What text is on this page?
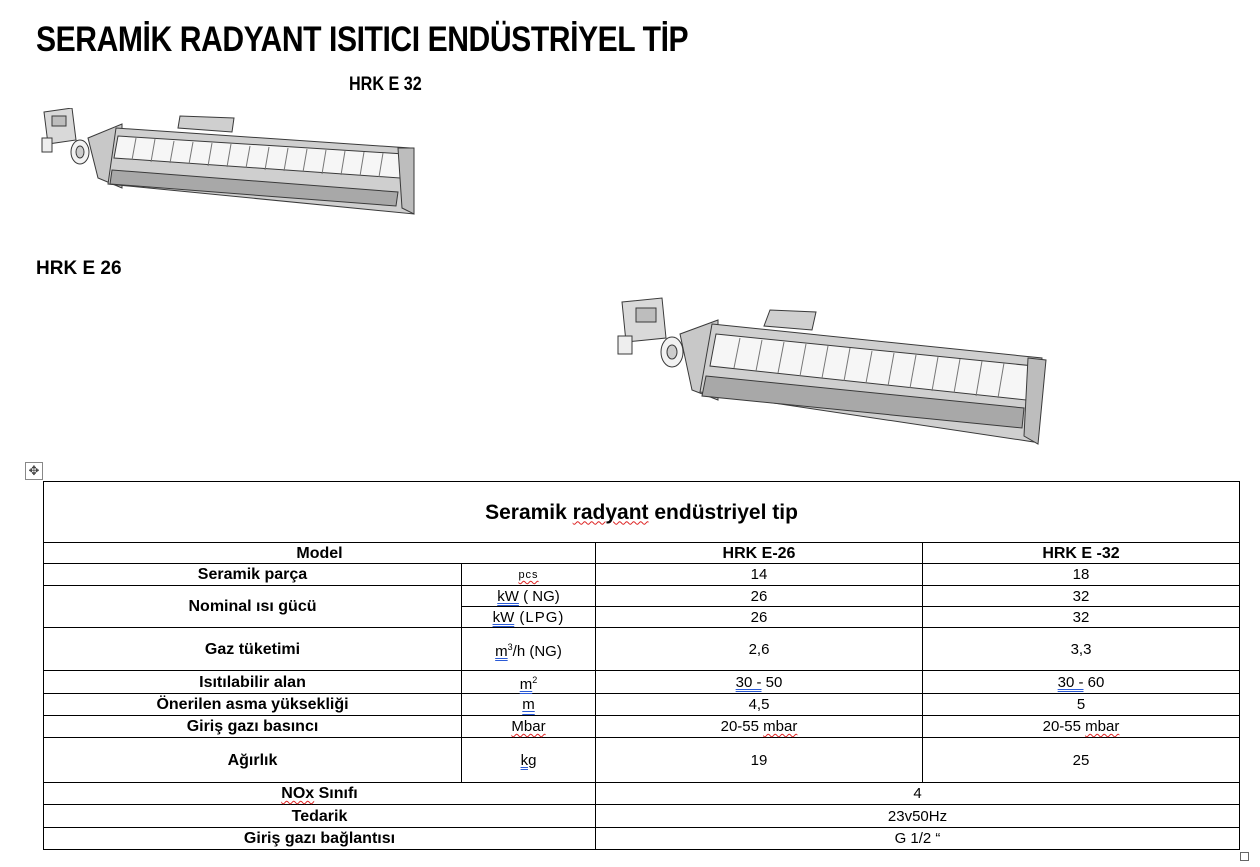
SERAMİK RADYANT ISITICI ENDÜSTRİYEL TİP
HRK E 32
HRK E 26
✥
Seramik radyant endüstriyel tip			
Model		HRK E-26	HRK E -32
Seramik parça	pcs	14	18
Nominal ısı gücü	kW ( NG)	26	32
	kW (LPG)	26	32
Gaz tüketimi	$m^3/h$ (NG)	2,6	3,3
Isıtılabilir alan	$m^2$	30 - 50	30 - 60
Önerilen asma yüksekliği	m	4,5	5
Giriş gazı basıncı	Mbar	20-55 mbar	20-55 mbar
Ağırlık	kg	19	25
NOx Sınıfı		4	
Tedarik		23v50Hz	
Giriş gazı bağlantısı		G 1/2 “	
